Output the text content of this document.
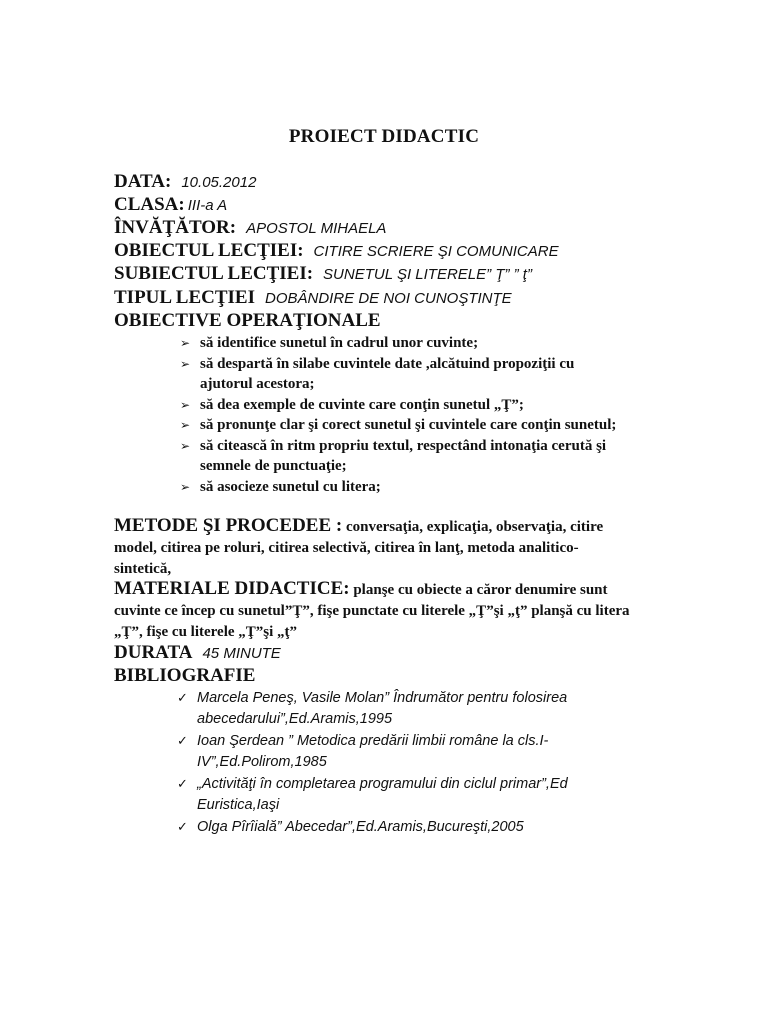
PROIECT DIDACTIC
DATA: 10.05.2012
CLASA: III-a A
ÎNVĂŢĂTOR: APOSTOL MIHAELA
OBIECTUL LECŢIEI: CITIRE SCRIERE ŞI COMUNICARE
SUBIECTUL LECŢIEI: SUNETUL ŞI LITERELE” Ţ” ” ţ”
TIPUL LECŢIEI DOBÂNDIRE DE NOI CUNOŞTINŢE
OBIECTIVE OPERAŢIONALE
➢ să identifice sunetul în cadrul unor cuvinte;
➢ să despartă în silabe cuvintele date ,alcătuind propoziţii cu ajutorul acestora;
➢ să dea exemple de cuvinte care conţin sunetul „Ţ”;
➢ să pronunţe clar şi corect sunetul şi cuvintele care conţin sunetul;
➢ să citească în ritm propriu textul, respectând intonaţia cerută şi semnele de punctuaţie;
➢ să asocieze sunetul cu litera;

METODE ŞI PROCEDEE : conversaţia, explicaţia, observaţia, citire model, citirea pe roluri, citirea selectivă, citirea în lanţ, metoda analitico-sintetică,

MATERIALE DIDACTICE: planşe cu obiecte a căror denumire sunt cuvinte ce încep cu sunetul”Ţ”, fişe punctate cu literele „Ţ”şi „ţ” planşă cu litera „Ţ”, fişe cu literele „Ţ”şi „ţ”

DURATA 45 MINUTE
BIBLIOGRAFIE
✓ Marcela Peneş, Vasile Molan” Îndrumător pentru folosirea abecedarului”,Ed.Aramis,1995
✓ Ioan Şerdean ” Metodica predării limbii române la cls.I-IV”,Ed.Polirom,1985
✓ „Activităţi în completarea programului din ciclul primar”,Ed Euristica,Iaşi
✓ Olga Pîrîială” Abecedar”,Ed.Aramis,Bucureşti,2005
